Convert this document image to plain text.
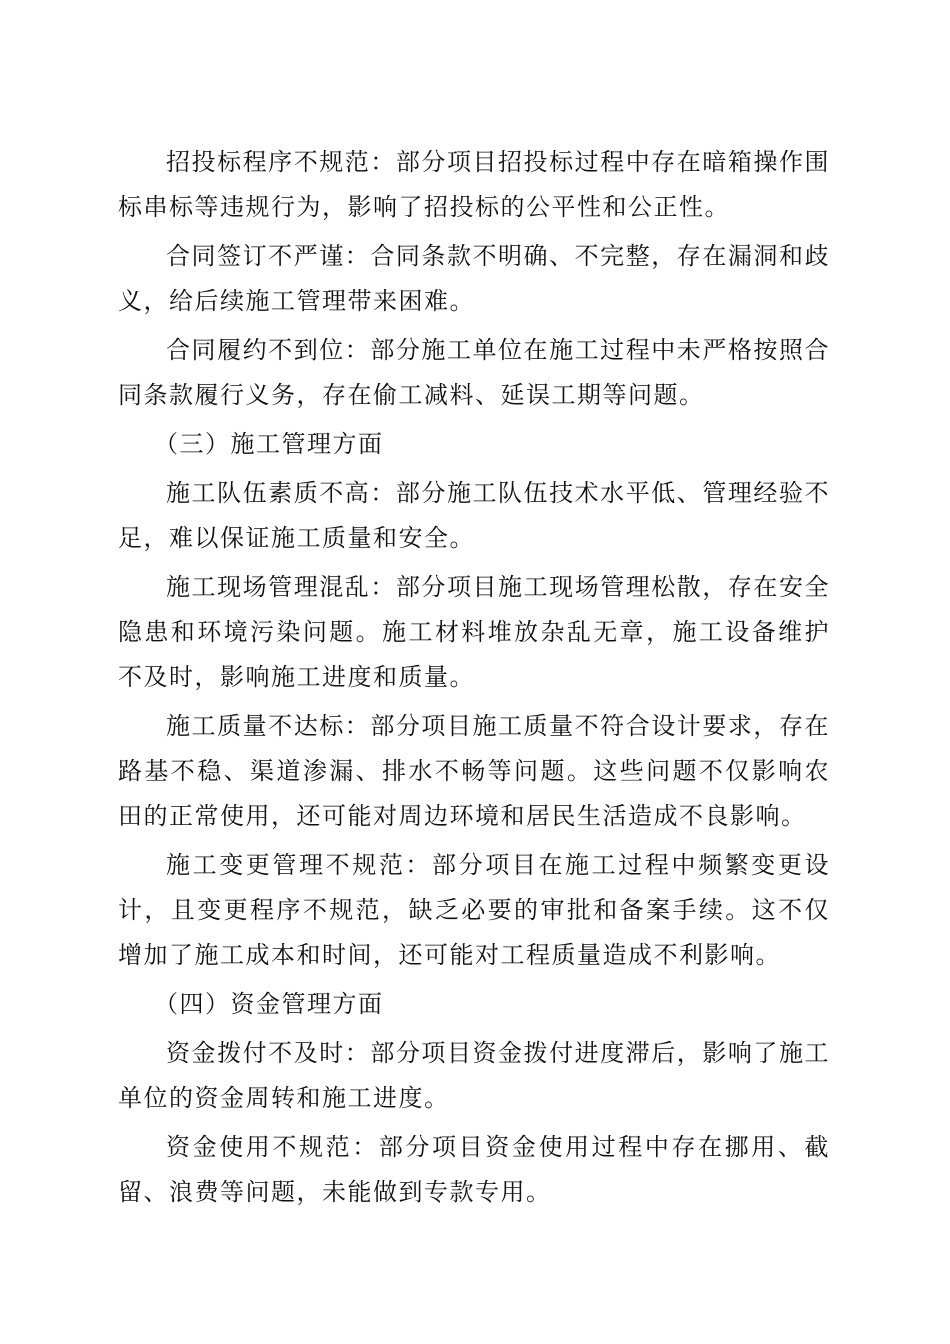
招投标程序不规范：部分项目招投标过程中存在暗箱操作围标串标等违规行为，影响了招投标的公平性和公正性。

合同签订不严谨：合同条款不明确、不完整，存在漏洞和歧义，给后续施工管理带来困难。

合同履约不到位：部分施工单位在施工过程中未严格按照合同条款履行义务，存在偷工减料、延误工期等问题。

（三）施工管理方面

施工队伍素质不高：部分施工队伍技术水平低、管理经验不足，难以保证施工质量和安全。

施工现场管理混乱：部分项目施工现场管理松散，存在安全隐患和环境污染问题。施工材料堆放杂乱无章，施工设备维护不及时，影响施工进度和质量。

施工质量不达标：部分项目施工质量不符合设计要求，存在路基不稳、渠道渗漏、排水不畅等问题。这些问题不仅影响农田的正常使用，还可能对周边环境和居民生活造成不良影响。

施工变更管理不规范：部分项目在施工过程中频繁变更设计，且变更程序不规范，缺乏必要的审批和备案手续。这不仅增加了施工成本和时间，还可能对工程质量造成不利影响。

（四）资金管理方面

资金拨付不及时：部分项目资金拨付进度滞后，影响了施工单位的资金周转和施工进度。

资金使用不规范：部分项目资金使用过程中存在挪用、截留、浪费等问题，未能做到专款专用。
